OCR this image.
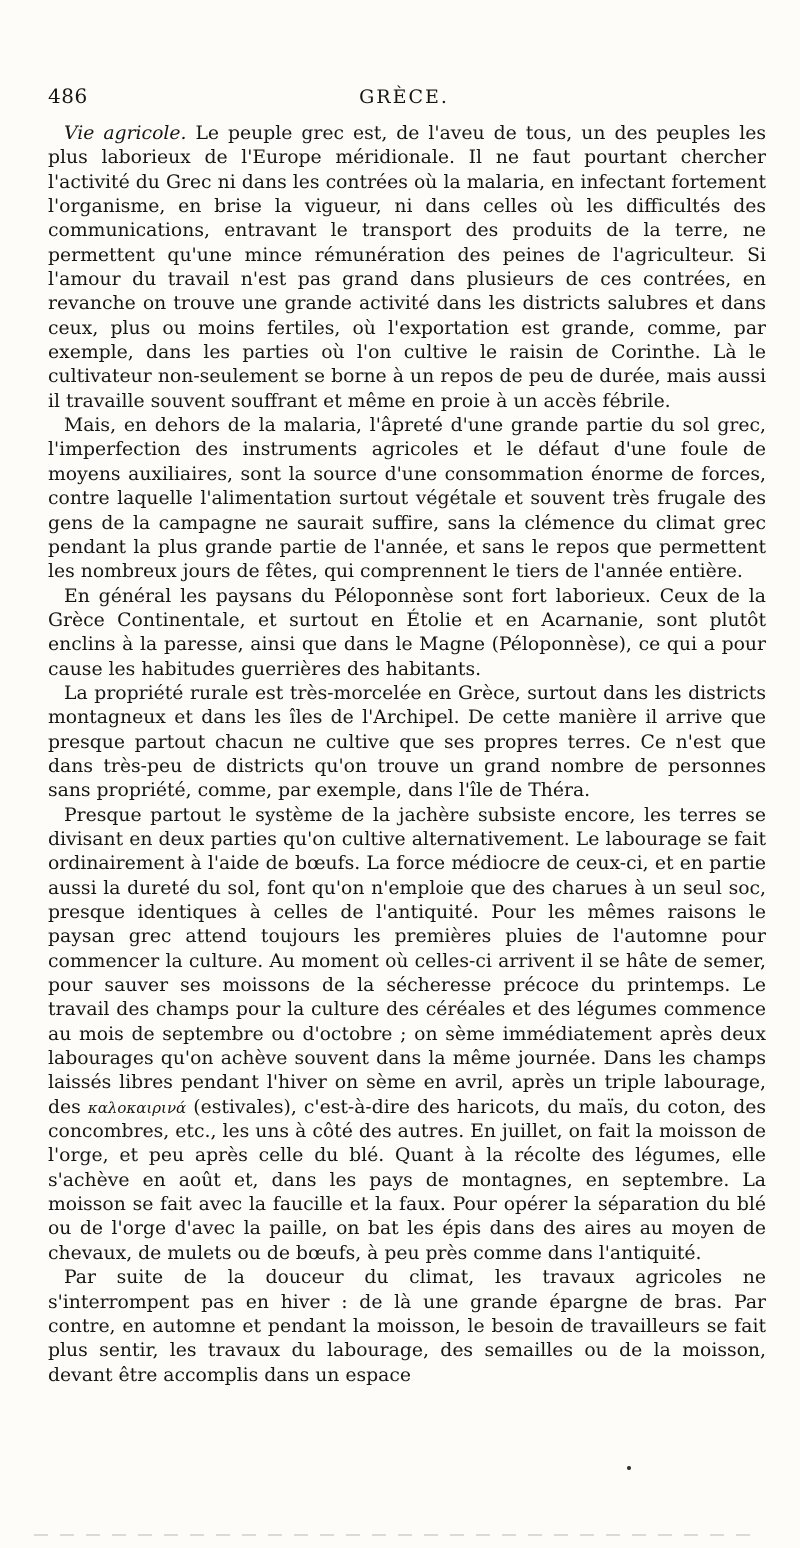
486	GRÈCE.

Vie agricole. Le peuple grec est, de l'aveu de tous, un des peuples les plus laborieux de l'Europe méridionale. Il ne faut pourtant chercher l'activité du Grec ni dans les contrées où la malaria, en infectant fortement l'organisme, en brise la vigueur, ni dans celles où les difficultés des communications, entravant le transport des produits de la terre, ne permettent qu'une mince rémunération des peines de l'agriculteur. Si l'amour du travail n'est pas grand dans plusieurs de ces contrées, en revanche on trouve une grande activité dans les districts salubres et dans ceux, plus ou moins fertiles, où l'exportation est grande, comme, par exemple, dans les parties où l'on cultive le raisin de Corinthe. Là le cultivateur non-seulement se borne à un repos de peu de durée, mais aussi il travaille souvent souffrant et même en proie à un accès fébrile.

Mais, en dehors de la malaria, l'âpreté d'une grande partie du sol grec, l'imperfection des instruments agricoles et le défaut d'une foule de moyens auxiliaires, sont la source d'une consommation énorme de forces, contre laquelle l'alimentation surtout végétale et souvent très frugale des gens de la campagne ne saurait suffire, sans la clémence du climat grec pendant la plus grande partie de l'année, et sans le repos que permettent les nombreux jours de fêtes, qui comprennent le tiers de l'année entière.

En général les paysans du Péloponnèse sont fort laborieux. Ceux de la Grèce Continentale, et surtout en Étolie et en Acarnanie, sont plutôt enclins à la paresse, ainsi que dans le Magne (Péloponnèse), ce qui a pour cause les habitudes guerrières des habitants.

La propriété rurale est très-morcelée en Grèce, surtout dans les districts montagneux et dans les îles de l'Archipel. De cette manière il arrive que presque partout chacun ne cultive que ses propres terres. Ce n'est que dans très-peu de districts qu'on trouve un grand nombre de personnes sans propriété, comme, par exemple, dans l'île de Théra.

Presque partout le système de la jachère subsiste encore, les terres se divisant en deux parties qu'on cultive alternativement. Le labourage se fait ordinairement à l'aide de bœufs. La force médiocre de ceux-ci, et en partie aussi la dureté du sol, font qu'on n'emploie que des charues à un seul soc, presque identiques à celles de l'antiquité. Pour les mêmes raisons le paysan grec attend toujours les premières pluies de l'automne pour commencer la culture. Au moment où celles-ci arrivent il se hâte de semer, pour sauver ses moissons de la sécheresse précoce du printemps. Le travail des champs pour la culture des céréales et des légumes commence au mois de septembre ou d'octobre ; on sème immédiatement après deux labourages qu'on achève souvent dans la même journée. Dans les champs laissés libres pendant l'hiver on sème en avril, après un triple labourage, des καλοκαιρινά (estivales), c'est-à-dire des haricots, du maïs, du coton, des concombres, etc., les uns à côté des autres. En juillet, on fait la moisson de l'orge, et peu après celle du blé. Quant à la récolte des légumes, elle s'achève en août et, dans les pays de montagnes, en septembre. La moisson se fait avec la faucille et la faux. Pour opérer la séparation du blé ou de l'orge d'avec la paille, on bat les épis dans des aires au moyen de chevaux, de mulets ou de bœufs, à peu près comme dans l'antiquité.

Par suite de la douceur du climat, les travaux agricoles ne s'interrompent pas en hiver : de là une grande épargne de bras. Par contre, en automne et pendant la moisson, le besoin de travailleurs se fait plus sentir, les travaux du labourage, des semailles ou de la moisson, devant être accomplis dans un espace
